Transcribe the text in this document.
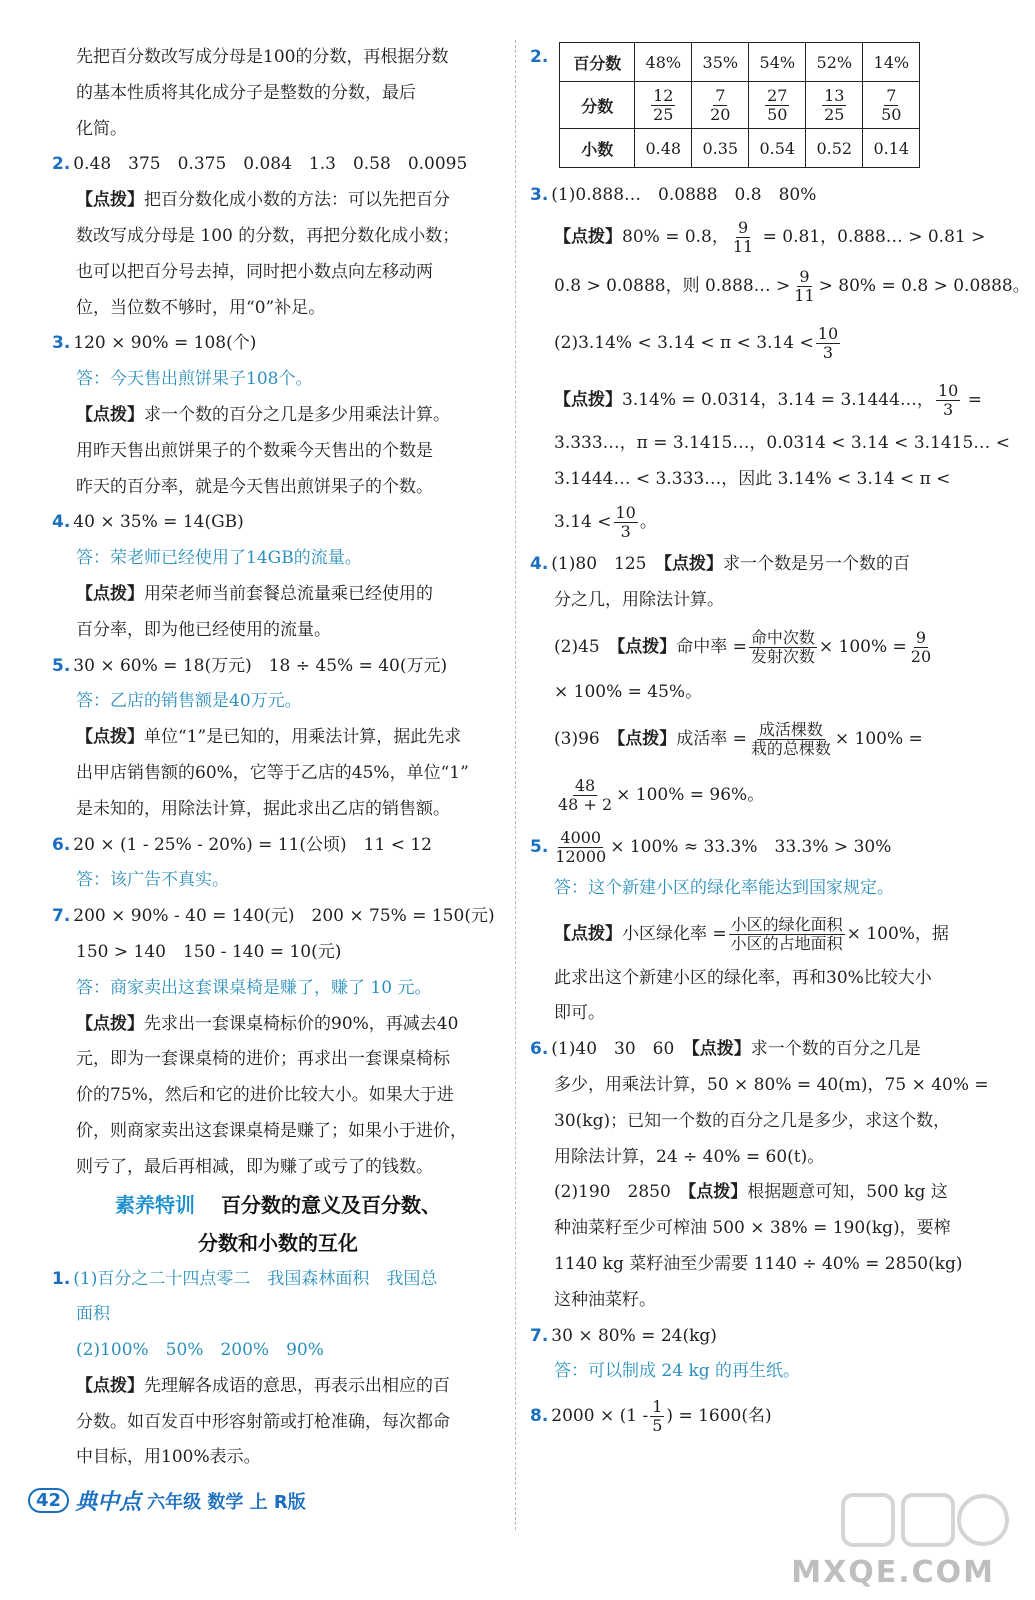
先把百分数改写成分母是100的分数，再根据分数
的基本性质将其化成分子是整数的分数，最后
化简。
2. 0.48　375　0.375　0.084　1.3　0.58　0.0095
【点拨】把百分数化成小数的方法：可以先把百分
数改写成分母是 100 的分数，再把分数化成小数；
也可以把百分号去掉，同时把小数点向左移动两
位，当位数不够时，用“0”补足。
3. 120 × 90% = 108(个)
答：今天售出煎饼果子108个。
【点拨】求一个数的百分之几是多少用乘法计算。
用昨天售出煎饼果子的个数乘今天售出的个数是
昨天的百分率，就是今天售出煎饼果子的个数。
4. 40 × 35% = 14(GB)
答：荣老师已经使用了14GB的流量。
【点拨】用荣老师当前套餐总流量乘已经使用的
百分率，即为他已经使用的流量。
5. 30 × 60% = 18(万元)　18 ÷ 45% = 40(万元)
答：乙店的销售额是40万元。
【点拨】单位“1”是已知的，用乘法计算，据此先求
出甲店销售额的60%，它等于乙店的45%，单位“1”
是未知的，用除法计算，据此求出乙店的销售额。
6. 20 × (1 - 25% - 20%) = 11(公顷)　11 < 12
答：该广告不真实。
7. 200 × 90% - 40 = 140(元)　200 × 75% = 150(元)
150 > 140　150 - 140 = 10(元)
答：商家卖出这套课桌椅是赚了，赚了 10 元。
【点拨】先求出一套课桌椅标价的90%，再减去40
元，即为一套课桌椅的进价；再求出一套课桌椅标
价的75%，然后和它的进价比较大小。如果大于进
价，则商家卖出这套课桌椅是赚了；如果小于进价，
则亏了，最后再相减，即为赚了或亏了的钱数。
素养特训 百分数的意义及百分数、
分数和小数的互化
1. (1)百分之二十四点零二　我国森林面积　我国总
面积
(2)100%　50%　200%　90%
【点拨】先理解各成语的意思，再表示出相应的百
分数。如百发百中形容射箭或打枪准确，每次都命
中目标，用100%表示。
2. 百分数	48%	35%	54%	52%	14%
分数	$\frac{12}{25}$	$\frac{7}{20}$	$\frac{27}{50}$	$\frac{13}{25}$	$\frac{7}{50}$

小数	0.48	0.35	0.54	0.52	0.14
3. (1)0.888…　0.0888　0.8　80%
【点拨】80% = 0.8， $\frac{9}{11} = 0.81$，0.888… > 0.81 >
0.8 > 0.0888，则 0.888… > $\frac{9}{11} > 80\% = 0.8 > 0.0888$。
$(2)3.14\% < 3.14 < \pi < 3.14 < \frac{10}{3}$
【点拨】3.14% = 0.0314，3.14 = 3.1444…， $\frac{10}{3}$ =
3.333…，π = 3.1415…，0.0314 < 3.14 < 3.1415… <
3.1444… < 3.333…，因此 3.14% < 3.14 < π <
$3.14 < \frac{10}{3}$ 。
4. (1)80　125　 【点拨】求一个数是另一个数的百
分之几，用除法计算。
(2)45　 【点拨】命中率 = $\frac{\text{命中次数}}{\text{发射次数}} \times 100\% = \frac{9}{20}$
× 100% = 45%。
(3)96　 【点拨】成活率 = $\frac{\text{成活棵数}}{\text{栽的总棵数}} \times 100\%$ =
$\frac{48}{48 + 2} \times 100\% = 96\%$。
5. $\frac{4000}{12000} \times 100\% \approx 33.3\%$　33.3% > 30%
答：这个新建小区的绿化率能达到国家规定。
【点拨】小区绿化率 = $\frac{\text{小区的绿化面积}}{\text{小区的占地面积}} \times 100\%$，据
此求出这个新建小区的绿化率，再和30%比较大小
即可。
6. (1)40　30　60　 【点拨】求一个数的百分之几是
多少，用乘法计算，50 × 80% = 40(m)，75 × 40% =
30(kg)；已知一个数的百分之几是多少，求这个数，
用除法计算，24 ÷ 40% = 60(t)。
(2)190　2850　 【点拨】根据题意可知，500 kg 这
种油菜籽至少可榨油 500 × 38% = 190(kg)，要榨
1140 kg 菜籽油至少需要 1140 ÷ 40% = 2850(kg)
这种油菜籽。
7. 30 × 80% = 24(kg)
答：可以制成 24 kg 的再生纸。
8. $2000 \times (1 - \frac{1}{5}$ ) = 1600(名)
42 典中点 六年级 数学 上 R版
MXQE.COM
